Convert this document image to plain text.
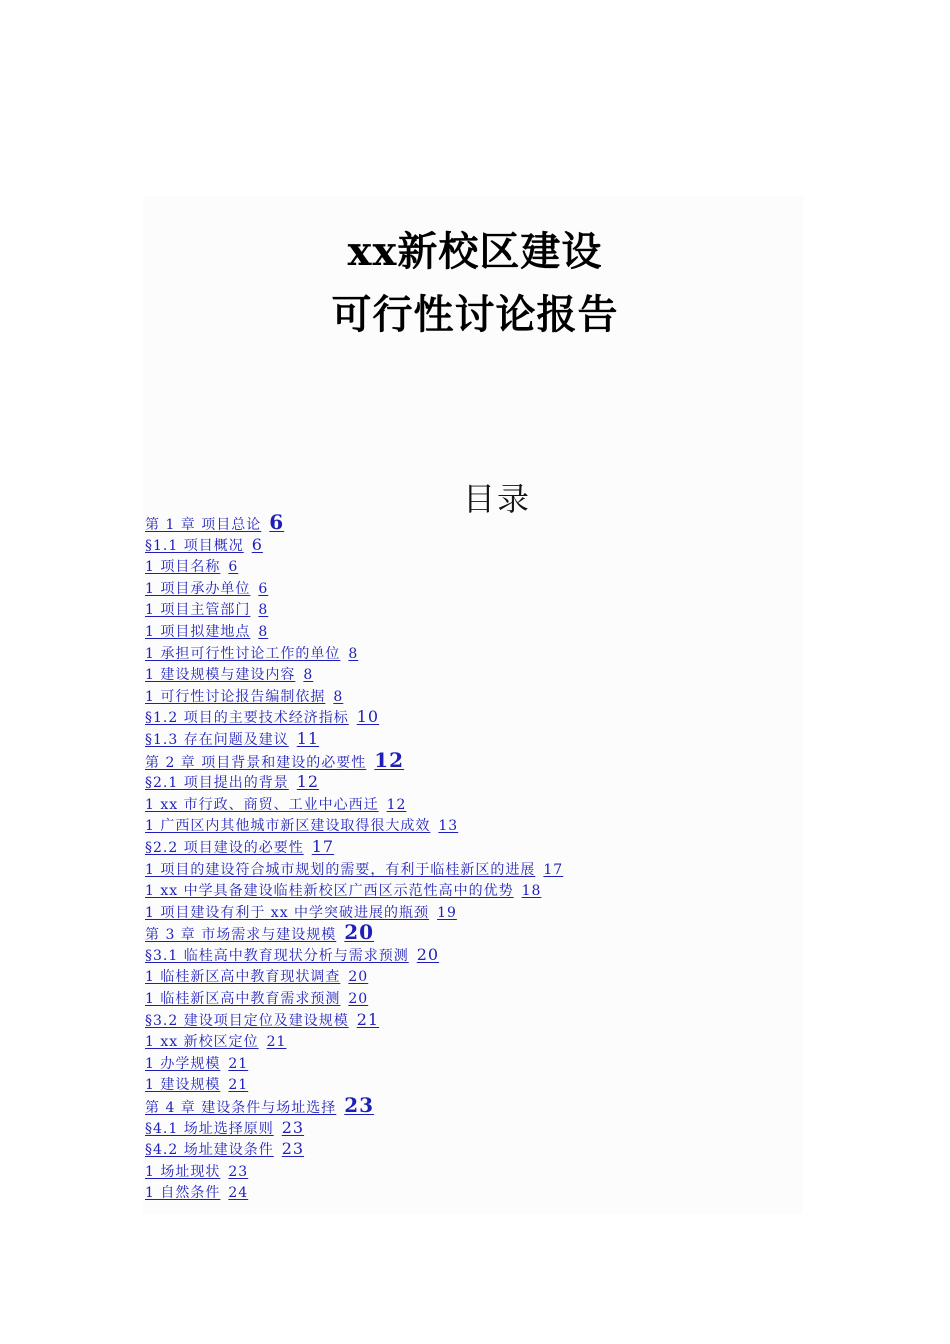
xx新校区建设
可行性讨论报告
目录
第 1 章 项目总论 6
§1.1 项目概况 6
1 项目名称 6
1 项目承办单位 6
1 项目主管部门 8
1 项目拟建地点 8
1 承担可行性讨论工作的单位 8
1 建设规模与建设内容 8
1 可行性讨论报告编制依据 8
§1.2 项目的主要技术经济指标 10
§1.3 存在问题及建议 11
第 2 章 项目背景和建设的必要性 12
§2.1 项目提出的背景 12
1 xx 市行政、商贸、工业中心西迁 12
1 广西区内其他城市新区建设取得很大成效 13
§2.2 项目建设的必要性 17
1 项目的建设符合城市规划的需要，有利于临桂新区的进展 17
1 xx 中学具备建设临桂新校区广西区示范性高中的优势 18
1 项目建设有利于 xx 中学突破进展的瓶颈 19
第 3 章 市场需求与建设规模 20
§3.1 临桂高中教育现状分析与需求预测 20
1 临桂新区高中教育现状调查 20
1 临桂新区高中教育需求预测 20
§3.2 建设项目定位及建设规模 21
1 xx 新校区定位 21
1 办学规模 21
1 建设规模 21
第 4 章 建设条件与场址选择 23
§4.1 场址选择原则 23
§4.2 场址建设条件 23
1 场址现状 23
1 自然条件 24
